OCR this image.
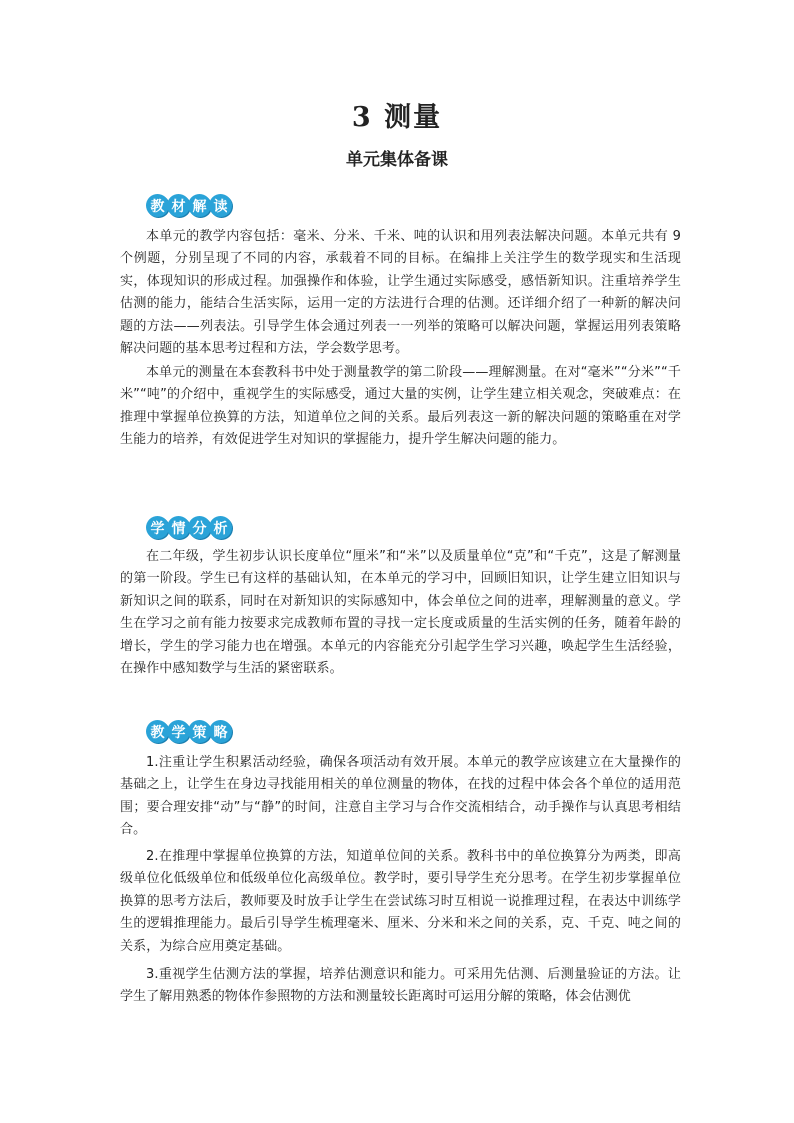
3 测量
单元集体备课
教 材 解 读

本单元的教学内容包括：毫米、分米、千米、吨的认识和用列表法解决问题。本单元共有 9 个例题，分别呈现了不同的内容，承载着不同的目标。在编排上关注学生的数学现实和生活现实，体现知识的形成过程。加强操作和体验，让学生通过实际感受，感悟新知识。注重培养学生估测的能力，能结合生活实际，运用一定的方法进行合理的估测。还详细介绍了一种新的解决问题的方法——列表法。引导学生体会通过列表一一列举的策略可以解决问题，掌握运用列表策略解决问题的基本思考过程和方法，学会数学思考。

本单元的测量在本套教科书中处于测量教学的第二阶段——理解测量。在对“毫米”“分米”“千米”“吨”的介绍中，重视学生的实际感受，通过大量的实例，让学生建立相关观念，突破难点：在推理中掌握单位换算的方法，知道单位之间的关系。最后列表这一新的解决问题的策略重在对学生能力的培养，有效促进学生对知识的掌握能力，提升学生解决问题的能力。

学 情 分 析

在二年级，学生初步认识长度单位“厘米”和“米”以及质量单位“克”和“千克”，这是了解测量的第一阶段。学生已有这样的基础认知，在本单元的学习中，回顾旧知识，让学生建立旧知识与新知识之间的联系，同时在对新知识的实际感知中，体会单位之间的进率，理解测量的意义。学生在学习之前有能力按要求完成教师布置的寻找一定长度或质量的生活实例的任务，随着年龄的增长，学生的学习能力也在增强。本单元的内容能充分引起学生学习兴趣，唤起学生生活经验，在操作中感知数学与生活的紧密联系。

教 学 策 略

1.注重让学生积累活动经验，确保各项活动有效开展。本单元的教学应该建立在大量操作的基础之上，让学生在身边寻找能用相关的单位测量的物体，在找的过程中体会各个单位的适用范围；要合理安排“动”与“静”的时间，注意自主学习与合作交流相结合，动手操作与认真思考相结合。

2.在推理中掌握单位换算的方法，知道单位间的关系。教科书中的单位换算分为两类，即高级单位化低级单位和低级单位化高级单位。教学时，要引导学生充分思考。在学生初步掌握单位换算的思考方法后，教师要及时放手让学生在尝试练习时互相说一说推理过程，在表达中训练学生的逻辑推理能力。最后引导学生梳理毫米、厘米、分米和米之间的关系，克、千克、吨之间的关系，为综合应用奠定基础。

3.重视学生估测方法的掌握，培养估测意识和能力。可采用先估测、后测量验证的方法。让学生了解用熟悉的物体作参照物的方法和测量较长距离时可运用分解的策略，体会估测优
